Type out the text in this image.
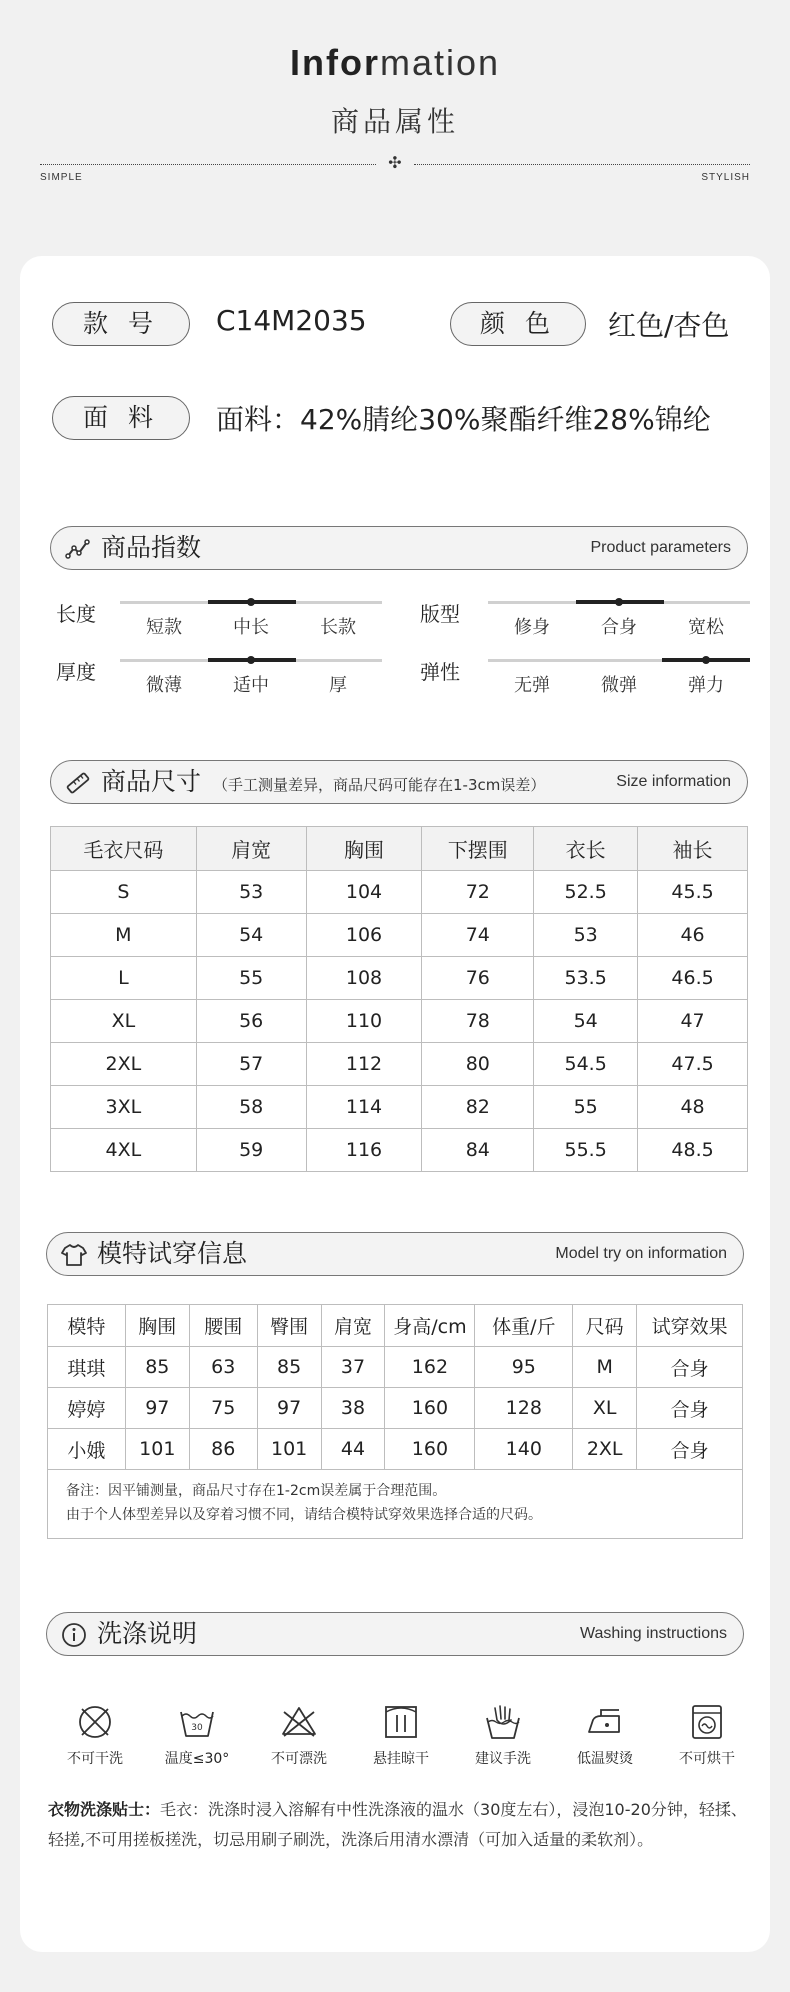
Information
商品属性
✣
SIMPLE	STYLISH
款 号	C14M2035	颜 色	红色/杏色
面 料	面料：42%腈纶30%聚酯纤维28%锦纶
商品指数	Product parameters
长度
短款	中长	长款
版型
修身	合身	宽松
厚度
微薄	适中	厚
弹性
无弹	微弹	弹力
商品尺寸 （手工测量差异，商品尺码可能存在1-3cm误差）	Size information
毛衣尺码	肩宽	胸围	下摆围	衣长	袖长
S	53	104	72	52.5	45.5
M	54	106	74	53	46
L	55	108	76	53.5	46.5
XL	56	110	78	54	47
2XL	57	112	80	54.5	47.5
3XL	58	114	82	55	48
4XL	59	116	84	55.5	48.5
模特试穿信息	Model try on information
模特	胸围	腰围	臀围	肩宽	身高/cm	体重/斤	尺码	试穿效果
琪琪	85	63	85	37	162	95	M	合身
婷婷	97	75	97	38	160	128	XL	合身
小娥	101	86	101	44	160	140	2XL	合身
备注：因平铺测量，商品尺寸存在1-2cm误差属于合理范围。
由于个人体型差异以及穿着习惯不同，请结合模特试穿效果选择合适的尺码。
洗涤说明	Washing instructions
不可干洗
30
温度≤30°	不可漂洗	悬挂晾干	建议手洗	低温熨烫	不可烘干
衣物洗涤贴士：毛衣：洗涤时浸入溶解有中性洗涤液的温水（30度左右），浸泡10-20分钟，轻揉、轻搓,不可用搓板搓洗，切忌用刷子刷洗，洗涤后用清水漂清（可加入适量的柔软剂）。
